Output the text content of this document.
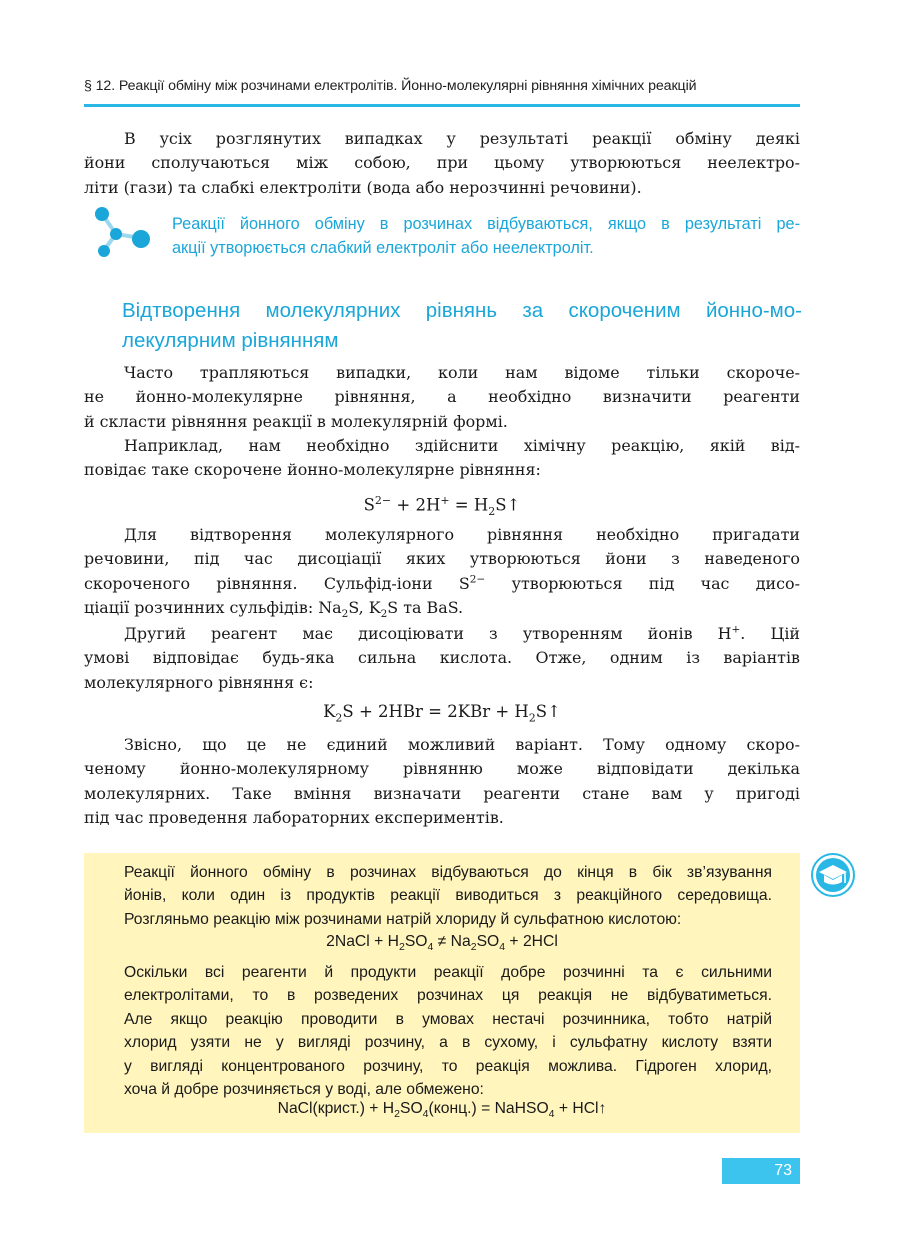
§ 12. Реакції обміну між розчинами електролітів. Йонно-молекулярні рівняння хімічних реакцій
В усіх розглянутих випадках у результаті реакції обміну деякі
йони сполучаються між собою, при цьому утворюються неелектро-
літи (гази) та слабкі електроліти (вода або нерозчинні речовини).
Реакції йонного обміну в розчинах відбуваються, якщо в результаті ре-
акції утворюється слабкий електроліт або неелектроліт.
Відтворення молекулярних рівнянь за скороченим йонно-мо-
лекулярним рівнянням
Часто трапляються випадки, коли нам відоме тільки скороче-
не йонно-молекулярне рівняння, а необхідно визначити реагенти
й скласти рівняння реакції в молекулярній формі.
Наприклад, нам необхідно здійснити хімічну реакцію, якій від-
повідає таке скорочене йонно-молекулярне рівняння:
$S^{2-} + 2H^+$ = $H_2S↑$
Для відтворення молекулярного рівняння необхідно пригадати
речовини, під час дисоціації яких утворюються йони з наведеного
скороченого рівняння. Сульфід-іони $S^{2-}$ утворюються під час дисо-
ціації розчинних сульфідів: $Na_2S$, $K_2S$ та BaS.
Другий реагент має дисоціювати з утворенням йонів H+. Цій
умові відповідає будь-яка сильна кислота. Отже, одним із варіантів
молекулярного рівняння є:
$K_2S + 2HBr = 2KBr$ + $H_2S↑$
Звісно, що це не єдиний можливий варіант. Тому одному скоро-
ченому йонно-молекулярному рівнянню може відповідати декілька
молекулярних. Таке вміння визначати реагенти стане вам у пригоді
під час проведення лабораторних експериментів.
Реакції йонного обміну в розчинах відбуваються до кінця в бік зв’язування
йонів, коли один із продуктів реакції виводиться з реакційного середовища.
Розгляньмо реакцію між розчинами натрій хлориду й сульфатною кислотою:
2NaCl + $H_2SO_4 \ne Na_2SO_4 + 2HCl$
Оскільки всі реагенти й продукти реакції добре розчинні та є сильними
електролітами, то в розведених розчинах ця реакція не відбуватиметься.
Але якщо реакцію проводити в умовах нестачі розчинника, тобто натрій
хлорид узяти не у вигляді розчину, а в сухому, і сульфатну кислоту взяти
у вигляді концентрованого розчину, то реакція можлива. Гідроген хлорид,
хоча й добре розчиняється у воді, але обмежено:
NaCl(крист.) + $H_2SO_4(конц.)$ = NaHSO$_4$ + HCl↑
73
